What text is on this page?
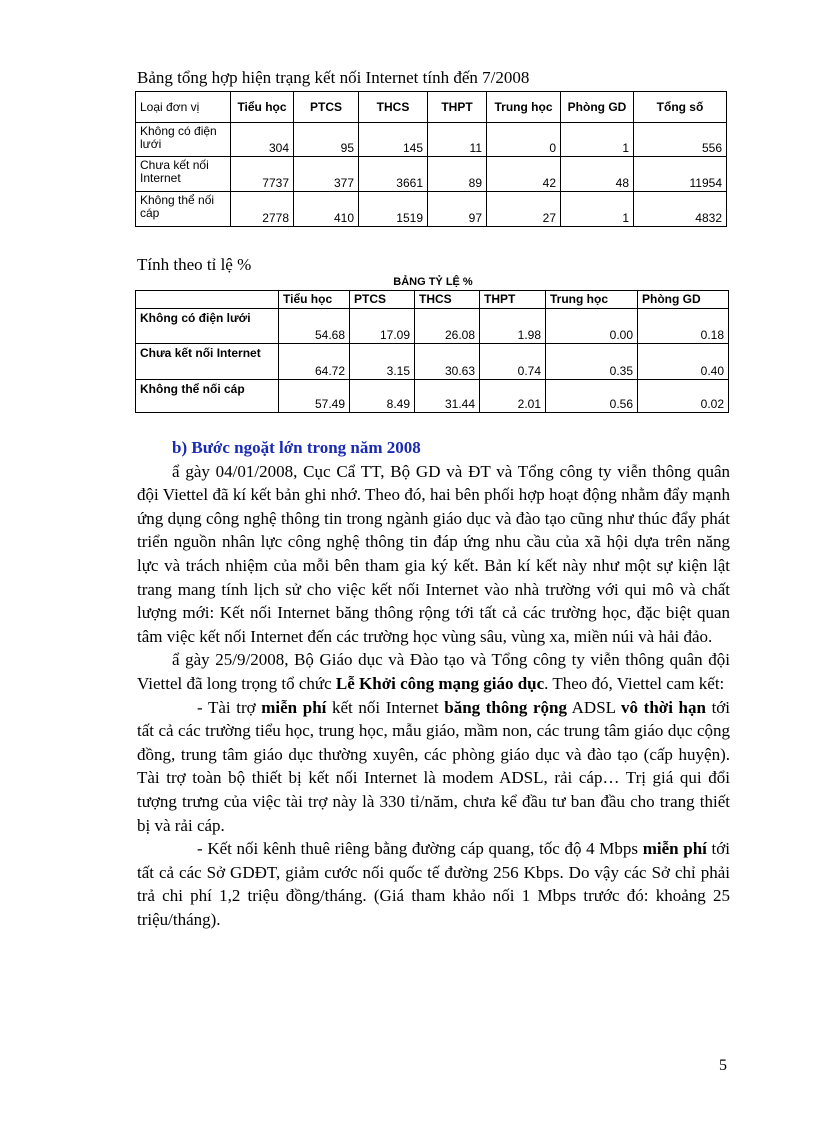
Bảng tổng hợp hiện trạng kết nối Internet tính đến 7/2008
Loại đơn vị	Tiểu học	PTCS	THCS	THPT	Trung học	Phòng GD	Tổng số
Không có điện lưới	304	95	145	11	0	1	556
Chưa kết nối Internet	7737	377	3661	89	42	48	11954
Không thể nối cáp	2778	410	1519	97	27	1	4832
Tính theo tỉ lệ %
BẢNG TỶ LỆ %
	Tiểu học	PTCS	THCS	THPT	Trung học	Phòng GD
Không có điện lưới	54.68	17.09	26.08	1.98	0.00	0.18
Chưa kết nối Internet	64.72	3.15	30.63	0.74	0.35	0.40
Không thể nối cáp	57.49	8.49	31.44	2.01	0.56	0.02

b) Bước ngoặt lớn trong năm 2008

ẩ gày 04/01/2008, Cục Cẩ TT, Bộ GD và ĐT và Tổng công ty viễn thông quân đội Viettel đã kí kết bản ghi nhớ. Theo đó, hai bên phối hợp hoạt động nhằm đẩy mạnh ứng dụng công nghệ thông tin trong ngành giáo dục và đào tạo cũng như thúc đẩy phát triển nguồn nhân lực công nghệ thông tin đáp ứng nhu cầu của xã hội dựa trên năng lực và trách nhiệm của mỗi bên tham gia ký kết. Bản kí kết này như một sự kiện lật trang mang tính lịch sử cho việc kết nối Internet vào nhà trường với qui mô và chất lượng mới: Kết nối Internet băng thông rộng tới tất cả các trường học, đặc biệt quan tâm việc kết nối Internet đến các trường học vùng sâu, vùng xa, miền núi và hải đảo.

ẩ gày 25/9/2008, Bộ Giáo dục và Đào tạo và Tổng công ty viễn thông quân đội Viettel đã long trọng tổ chức Lễ Khởi công mạng giáo dục. Theo đó, Viettel cam kết:

- Tài trợ miễn phí kết nối Internet băng thông rộng ADSL vô thời hạn tới tất cả các trường tiểu học, trung học, mẫu giáo, mầm non, các trung tâm giáo dục cộng đồng, trung tâm giáo dục thường xuyên, các phòng giáo dục và đào tạo (cấp huyện). Tài trợ toàn bộ thiết bị kết nối Internet là modem ADSL, rải cáp… Trị giá qui đổi tượng trưng của việc tài trợ này là 330 tỉ/năm, chưa kể đầu tư ban đầu cho trang thiết bị và rải cáp.

- Kết nối kênh thuê riêng bằng đường cáp quang, tốc độ 4 Mbps miễn phí tới tất cả các Sở GDĐT, giảm cước nối quốc tế đường 256 Kbps. Do vậy các Sở chỉ phải trả chi phí 1,2 triệu đồng/tháng. (Giá tham khảo nối 1 Mbps trước đó: khoảng 25 triệu/tháng).

5
